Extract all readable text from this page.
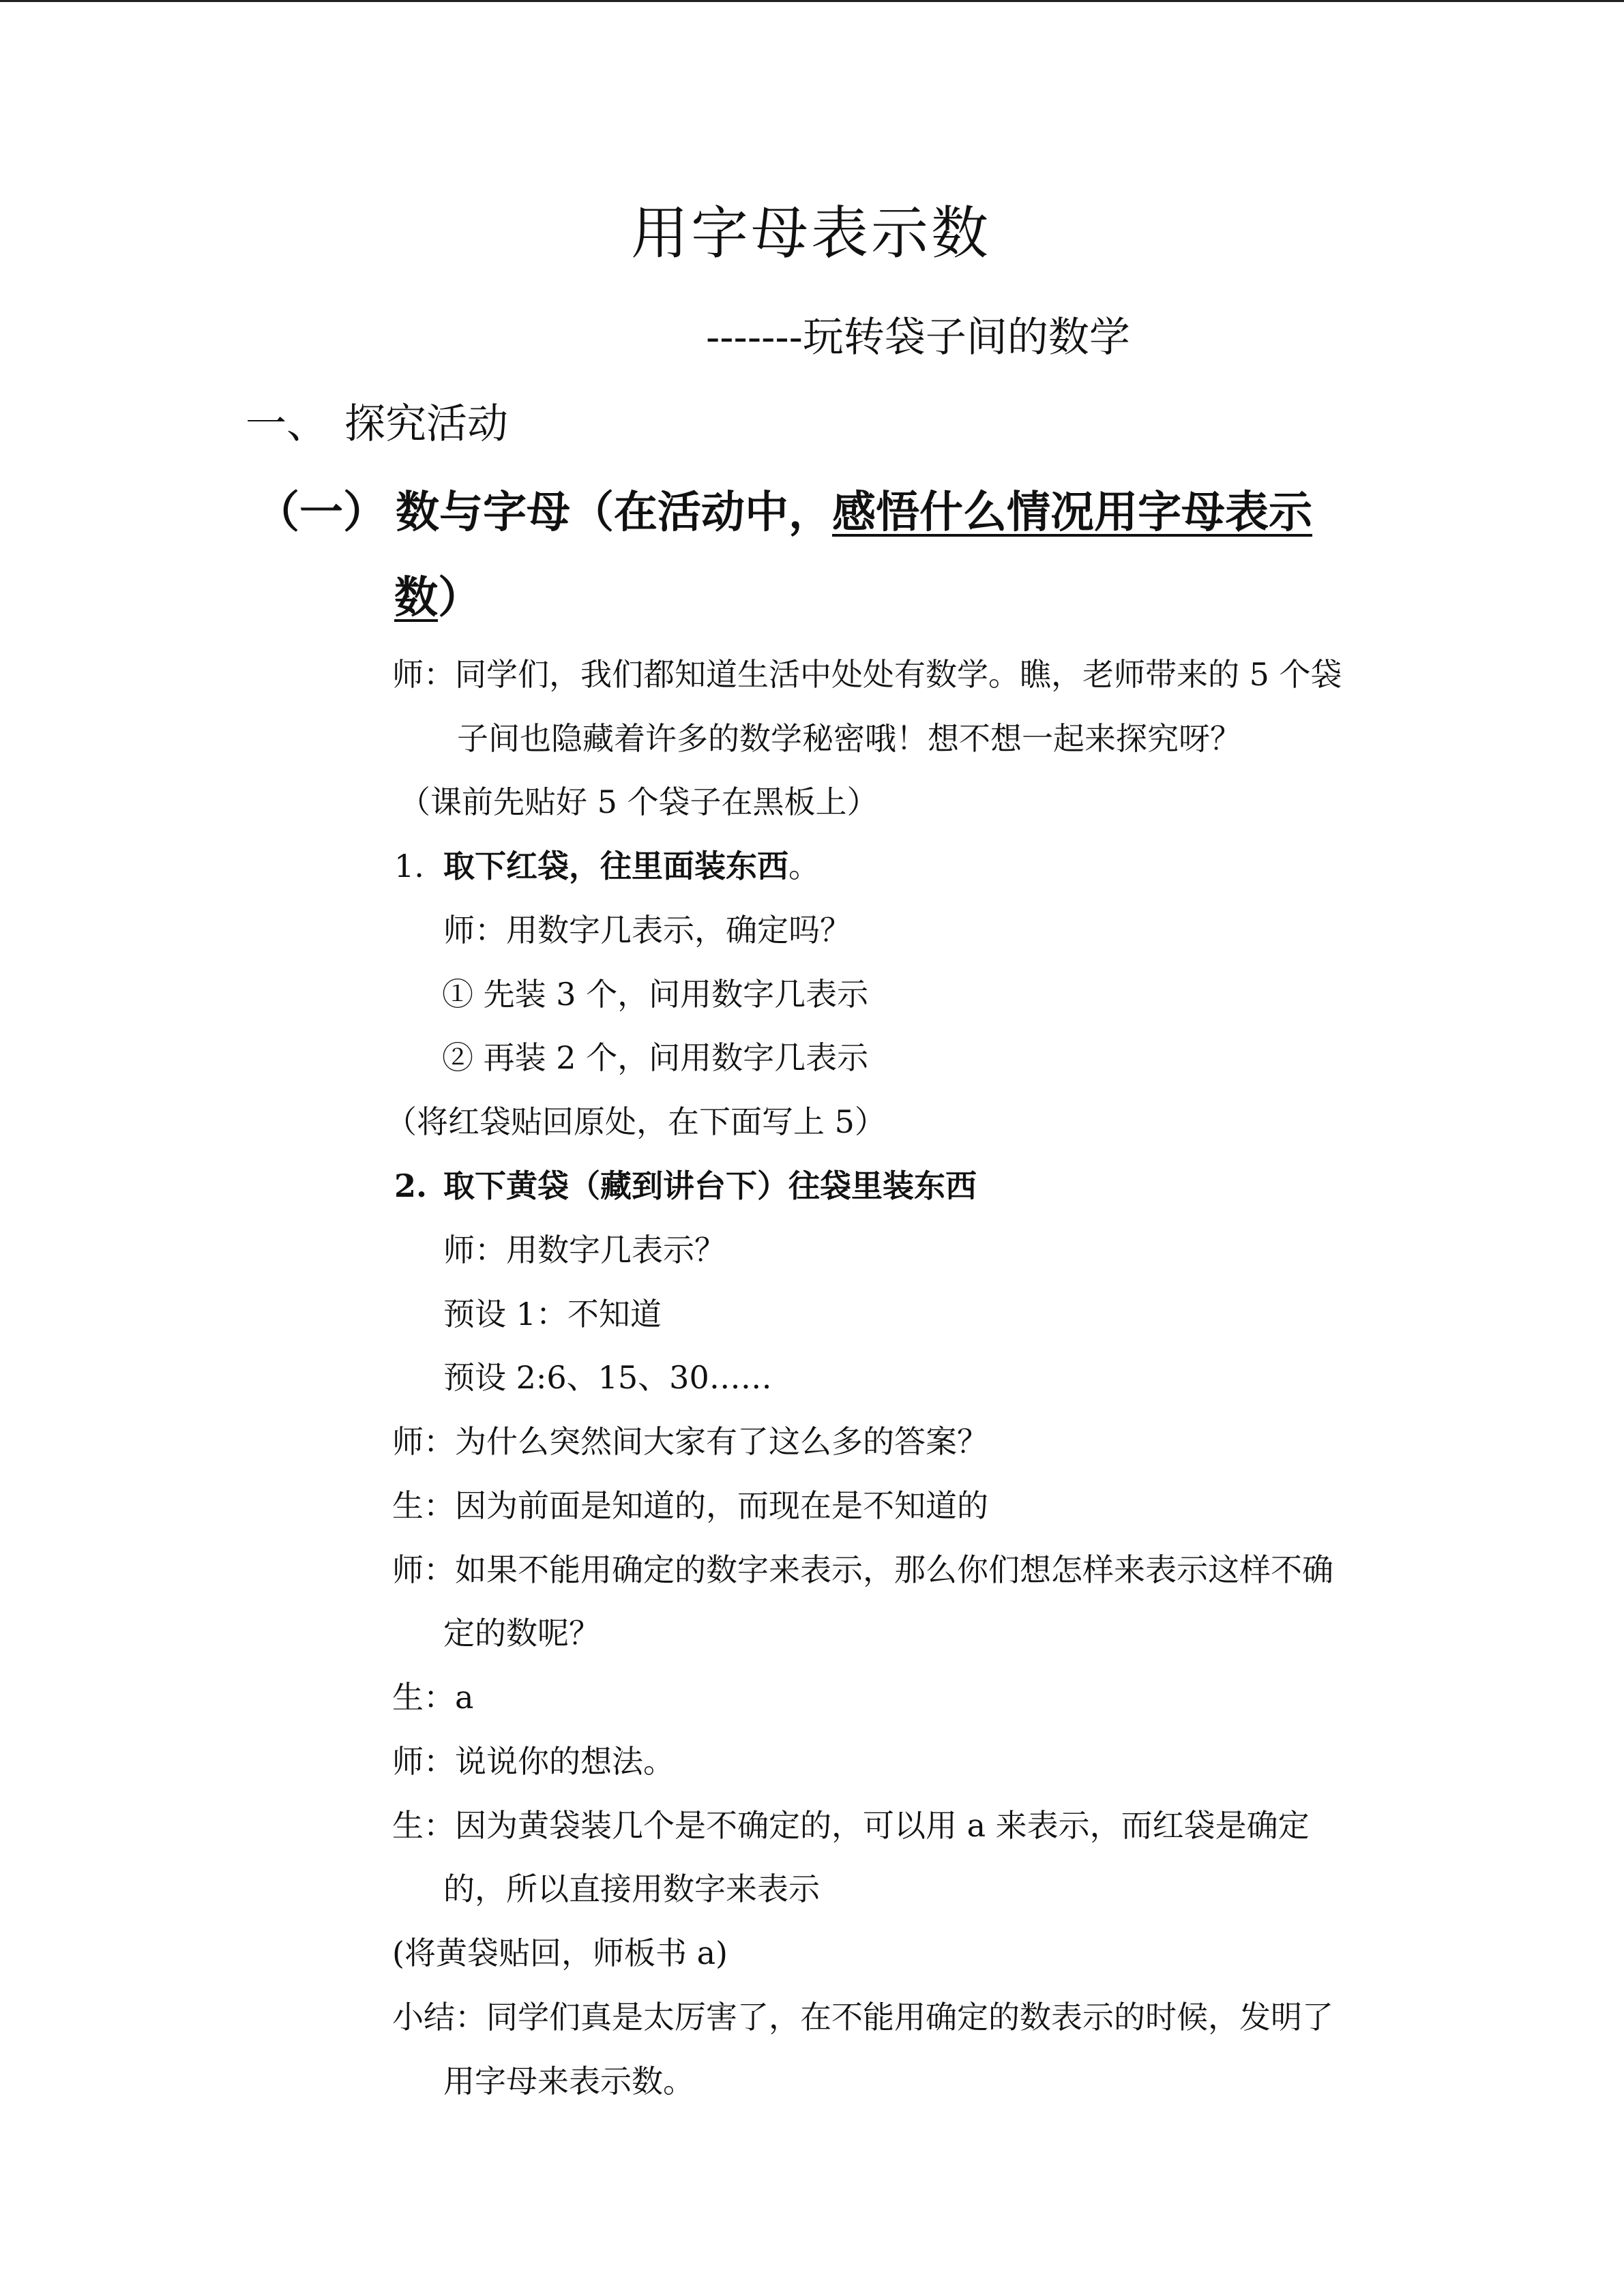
用字母表示数
-------玩转袋子间的数学
一、 探究活动
（一） 数与字母（在活动中，感悟什么情况用字母表示
数）
师：同学们，我们都知道生活中处处有数学。瞧，老师带来的 5 个袋
子间也隐藏着许多的数学秘密哦！想不想一起来探究呀？
（课前先贴好 5 个袋子在黑板上）
1. 取下红袋，往里面装东西。
师：用数字几表示，确定吗？
① 先装 3 个，问用数字几表示
② 再装 2 个，问用数字几表示
（将红袋贴回原处，在下面写上 5）
2. 取下黄袋（藏到讲台下）往袋里装东西
师：用数字几表示？
预设 1：不知道
预设 2:6、15、30……
师：为什么突然间大家有了这么多的答案？
生：因为前面是知道的，而现在是不知道的
师：如果不能用确定的数字来表示，那么你们想怎样来表示这样不确
定的数呢？
生：a
师：说说你的想法。
生：因为黄袋装几个是不确定的，可以用 a 来表示，而红袋是确定
的，所以直接用数字来表示
(将黄袋贴回，师板书 a)
小结：同学们真是太厉害了，在不能用确定的数表示的时候，发明了
用字母来表示数。
